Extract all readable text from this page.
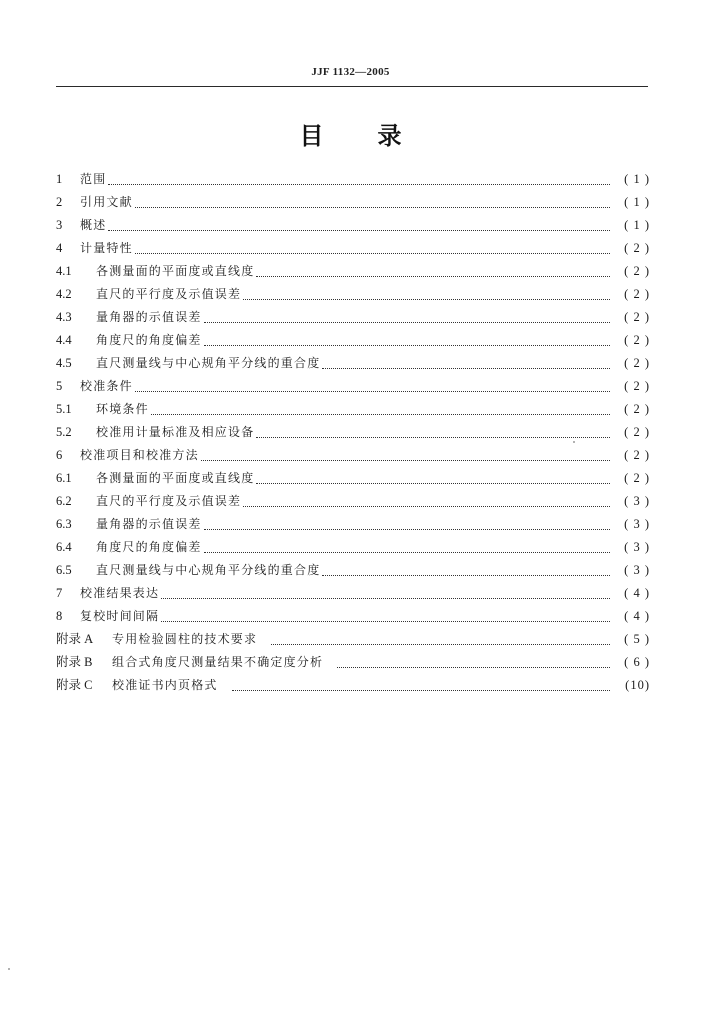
JJF 1132—2005
目 录
1	范围	( 1 )
2	引用文献	( 1 )
3	概述	( 1 )
4	计量特性	( 2 )
4.1	各测量面的平面度或直线度	( 2 )
4.2	直尺的平行度及示值误差	( 2 )
4.3	量角器的示值误差	( 2 )
4.4	角度尺的角度偏差	( 2 )
4.5	直尺测量线与中心规角平分线的重合度	( 2 )
5	校准条件	( 2 )
5.1	环境条件	( 2 )
5.2	校准用计量标准及相应设备	( 2 )
6	校准项目和校准方法	( 2 )
6.1	各测量面的平面度或直线度	( 2 )
6.2	直尺的平行度及示值误差	( 3 )
6.3	量角器的示值误差	( 3 )
6.4	角度尺的角度偏差	( 3 )
6.5	直尺测量线与中心规角平分线的重合度	( 3 )
7	校准结果表达	( 4 )
8	复校时间间隔	( 4 )
附录 A	专用检验圆柱的技术要求	( 5 )
附录 B	组合式角度尺测量结果不确定度分析	( 6 )
附录 C	校准证书内页格式	(10)
